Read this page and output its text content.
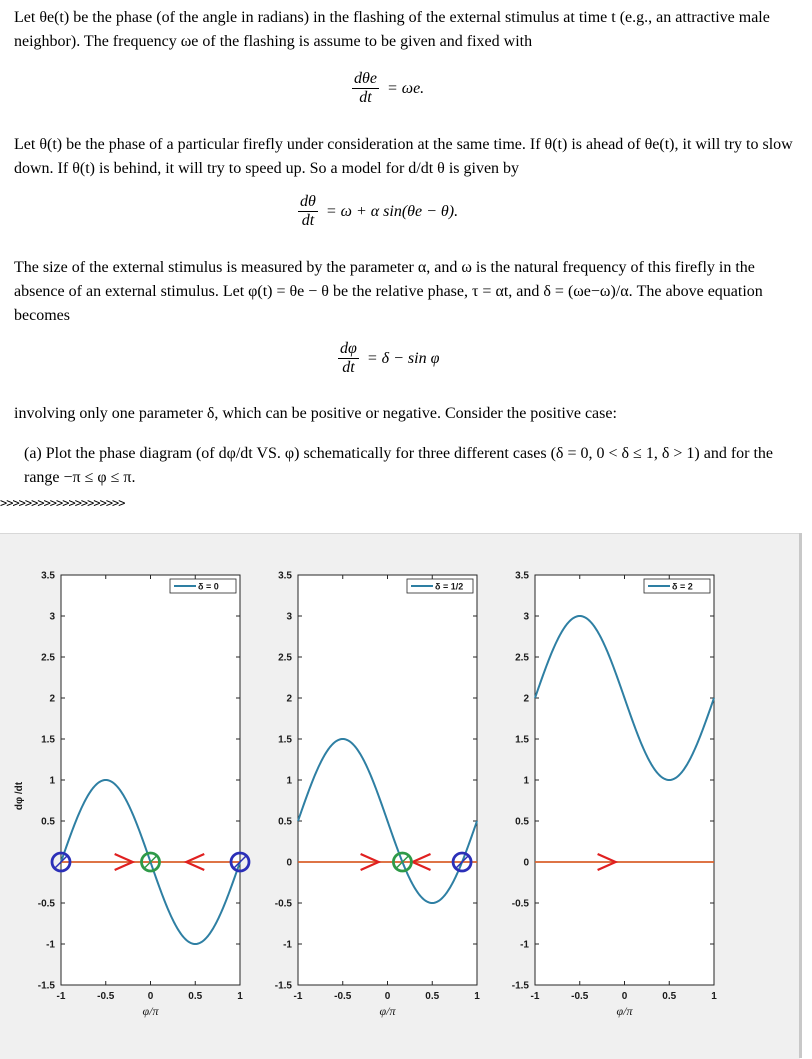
Let θe(t) be the phase (of the angle in radians) in the flashing of the external stimulus at time t (e.g., an attractive male neighbor). The frequency ωe of the flashing is assume to be given and fixed with
$\frac{\text{dθe}}{dt} = \omega e$.
Let θ(t) be the phase of a particular firefly under consideration at the same time. If θ(t) is ahead of θe(t), it will try to slow down. If θ(t) is behind, it will try to speed up. So a model for d/dt θ is given by
$\frac{d\theta}{dt} = \omega + \alpha$ sin(θe − θ).
The size of the external stimulus is measured by the parameter α, and ω is the natural frequency of this firefly in the absence of an external stimulus. Let φ(t) = θe − θ be the relative phase, τ = αt, and δ = (ωe−ω)/α. The above equation becomes
$\frac{d\varphi}{dt} = \delta - \sin \varphi$
involving only one parameter δ, which can be positive or negative. Consider the positive case:
(a) Plot the phase diagram (of dφ/dt VS. φ) schematically for three different cases (δ = 0, 0 < δ ≤ 1, δ > 1) and for the range −π ≤ φ ≤ π.
>>>>>>>>>>>>>>>>>>>>
dφ /dt
3.5
3
2.5
2
1.5
1
0.5
-0.5
-1
-1.5
-1	-0.5	0	0.5	1
φ/π
δ = 0
3.5
3
2.5
2
1.5
1
0.5
0
-0.5
-1
-1.5
-1	-0.5	0	0.5	1
φ/π
δ = 1/2
3.5
3
2.5
2
1.5
1
0.5
0
-0.5
-1
-1.5
-1	-0.5	0	0.5	1
φ/π
δ = 2
